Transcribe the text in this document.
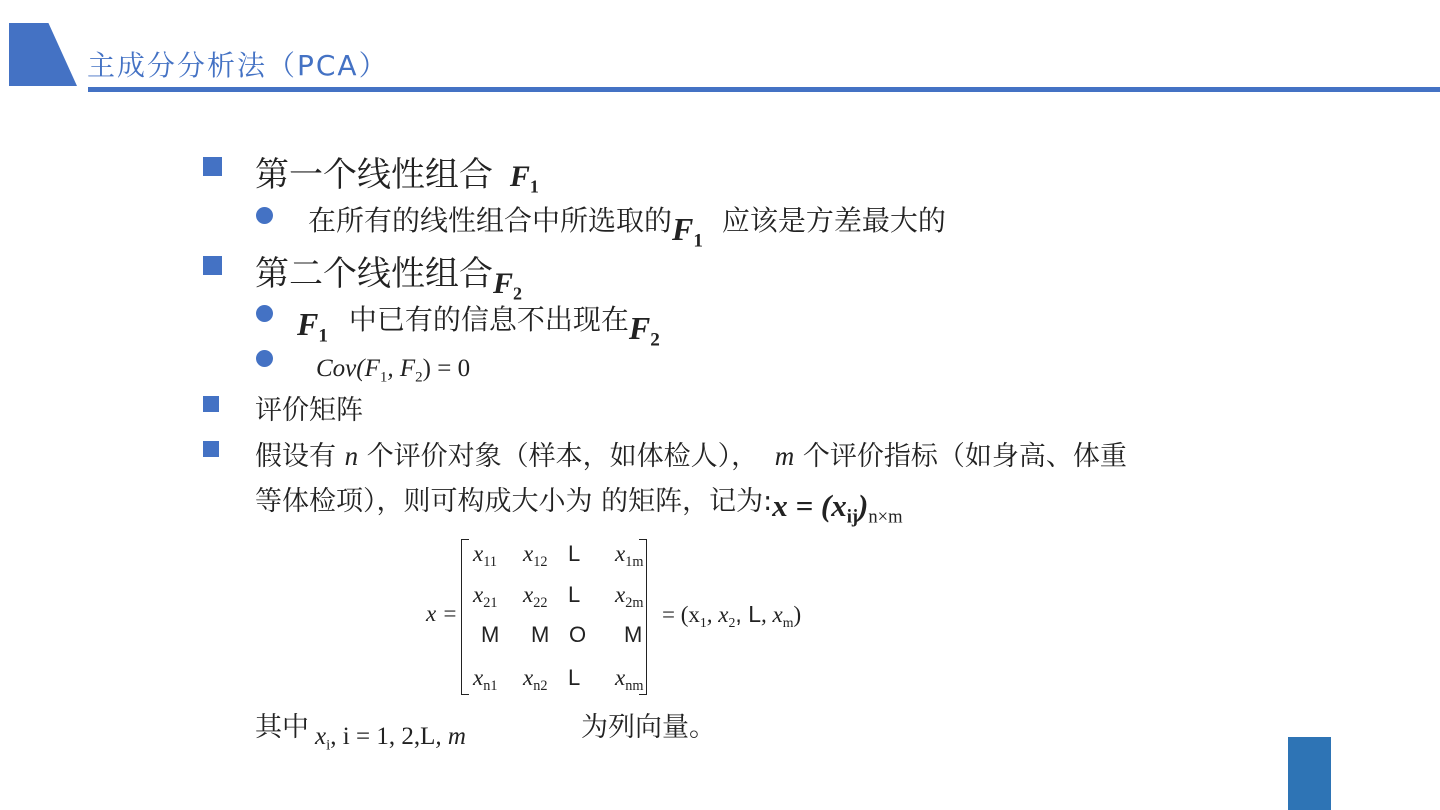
主成分分析法（PCA）
第一个线性组合 $F_1$
在所有的线性组合中所选取的$F_1$ 应该是方差最大的
第二个线性组合$F_2$
$F_1$ 中已有的信息不出现在$F_2$
$Cov(F_1$, $F_2) = 0$
评价矩阵
假设有 n 个评价对象（样本，如体检人）， m 个评价指标（如身高、体重
等体检项），则可构成大小为 的矩阵，记为:x = $(x_{ij})_{n\times m}$
x =
$x_{11}$ $x_{12}$ L $x_{1m}$
$x_{21}$ $x_{22}$ L $x_{2m}$
M M O M
$x_{n1}$ $x_{n2}$ L $x_{nm}$
= ($x_1$, $x_2$, L, $x_m$)
其中 $x_i$, i = 1, 2,L, m	为列向量。
